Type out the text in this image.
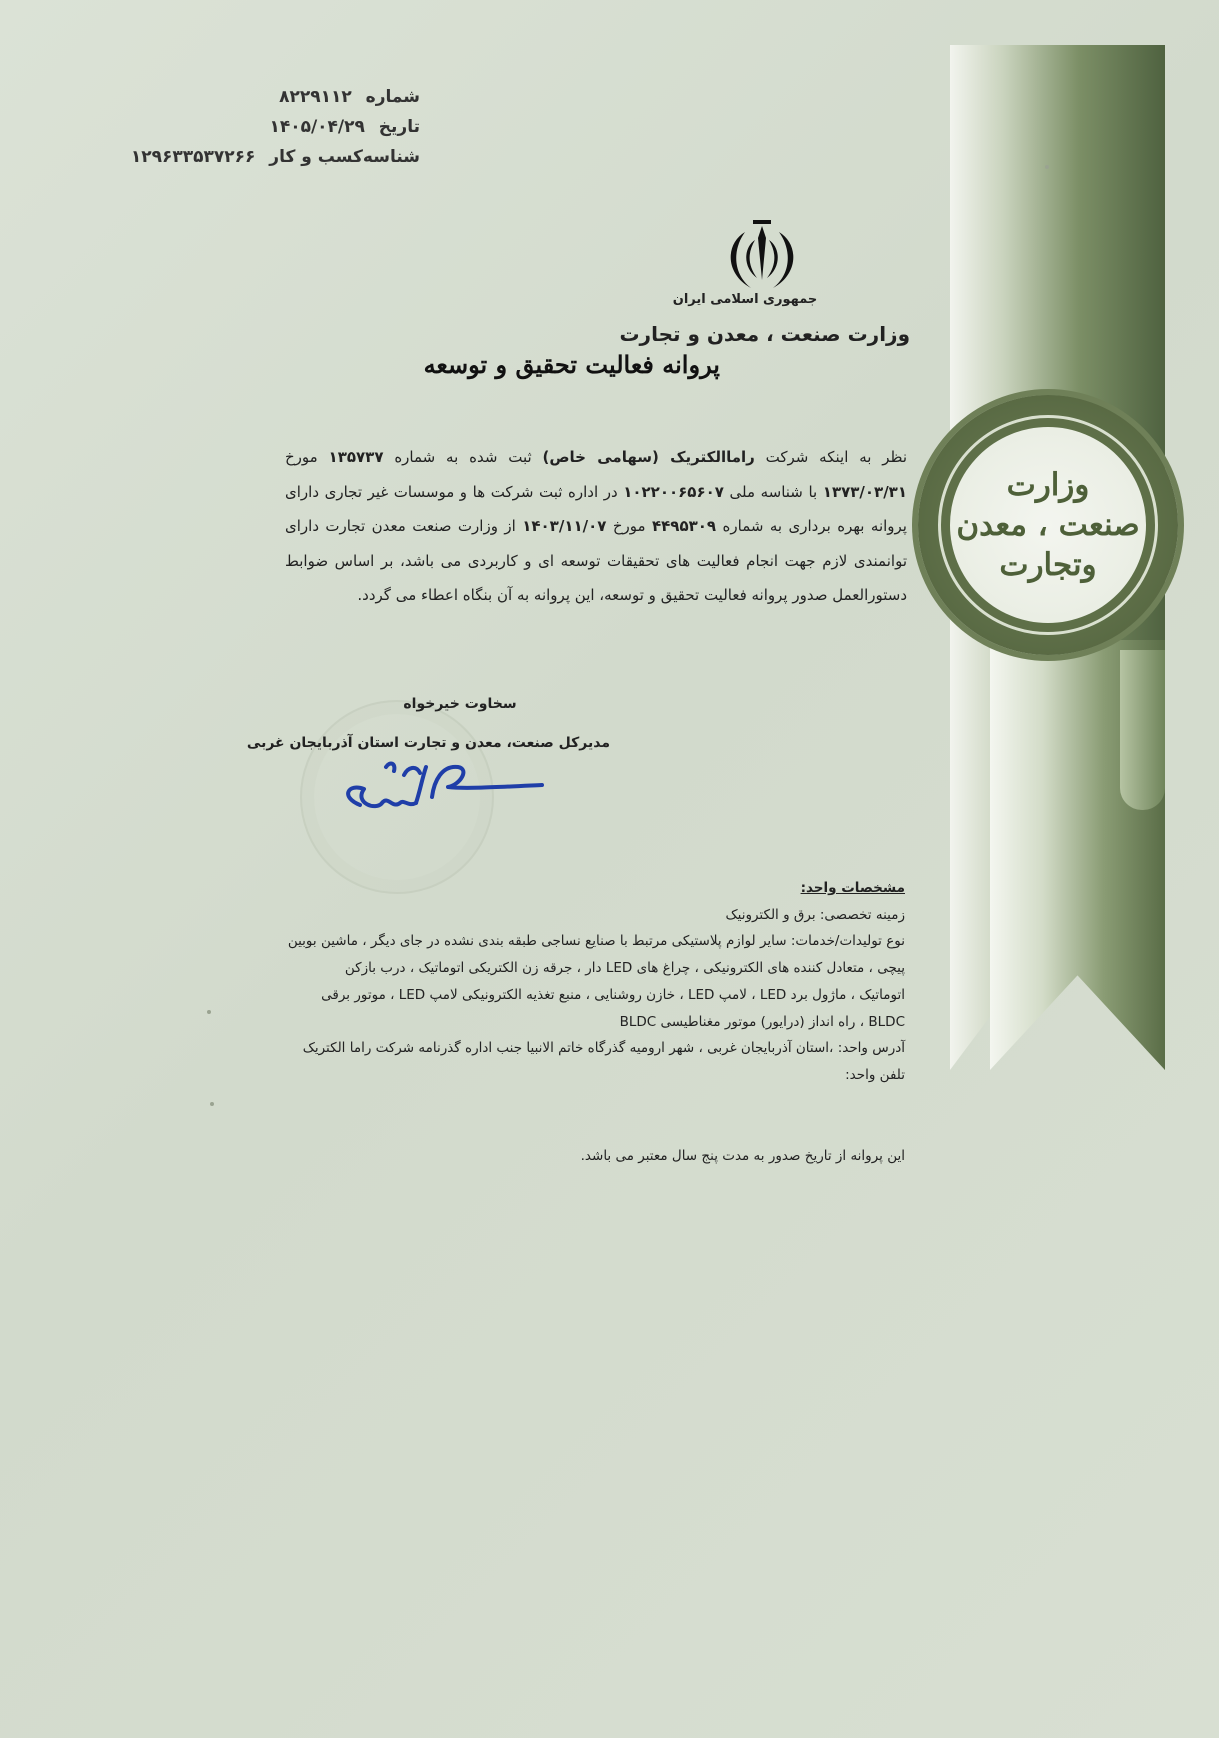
وزارت
صنعت ، معدن
وتجارت
شماره ۸۲۲۹۱۱۲
تاریخ ۱۴۰۵/۰۴/۲۹
شناسه‌کسب و کار ۱۲۹۶۳۳۵۳۷۲۶۶
جمهوری اسلامی ایران
وزارت صنعت ، معدن و تجارت
پروانه فعالیت تحقیق و توسعه
نظر به اینکه شرکت راماالکتریک (سهامی خاص) ثبت شده به شماره ۱۳۵۷۳۷ مورخ ۱۳۷۳/۰۳/۳۱ با شناسه ملی ۱۰۲۲۰۰۶۵۶۰۷ در اداره ثبت شرکت ها و موسسات غیر تجاری دارای پروانه بهره برداری به شماره ۴۴۹۵۳۰۹ مورخ ۱۴۰۳/۱۱/۰۷ از وزارت صنعت معدن تجارت دارای توانمندی لازم جهت انجام فعالیت های تحقیقات توسعه ای و کاربردی می باشد، بر اساس ضوابط دستورالعمل صدور پروانه فعالیت تحقیق و توسعه، این پروانه به آن بنگاه اعطاء می گردد.
سخاوت خیرخواه
مدیرکل صنعت، معدن و تجارت استان آذربایجان غربی
مشخصات واحد:
زمینه تخصصی: برق و الکترونیک
نوع تولیدات/خدمات: سایر لوازم پلاستیکی مرتبط با صنایع نساجی طبقه بندی نشده در جای دیگر ، ماشین بوبین
پیچی ، متعادل کننده های الکترونیکی ، چراغ های LED دار ، جرقه زن الکتریکی اتوماتیک ، درب بازکن
اتوماتیک ، ماژول برد LED ، لامپ LED ، خازن روشنایی ، منبع تغذیه الکترونیکی لامپ LED ، موتور برقی
BLDC ، راه انداز (درایور) موتور مغناطیسی BLDC
آدرس واحد: ،استان آذربایجان غربی ، شهر ارومیه گذرگاه خاتم الانبیا جنب اداره گذرنامه شرکت راما الکتریک
تلفن واحد:
این پروانه از تاریخ صدور به مدت پنج سال معتبر می باشد.
